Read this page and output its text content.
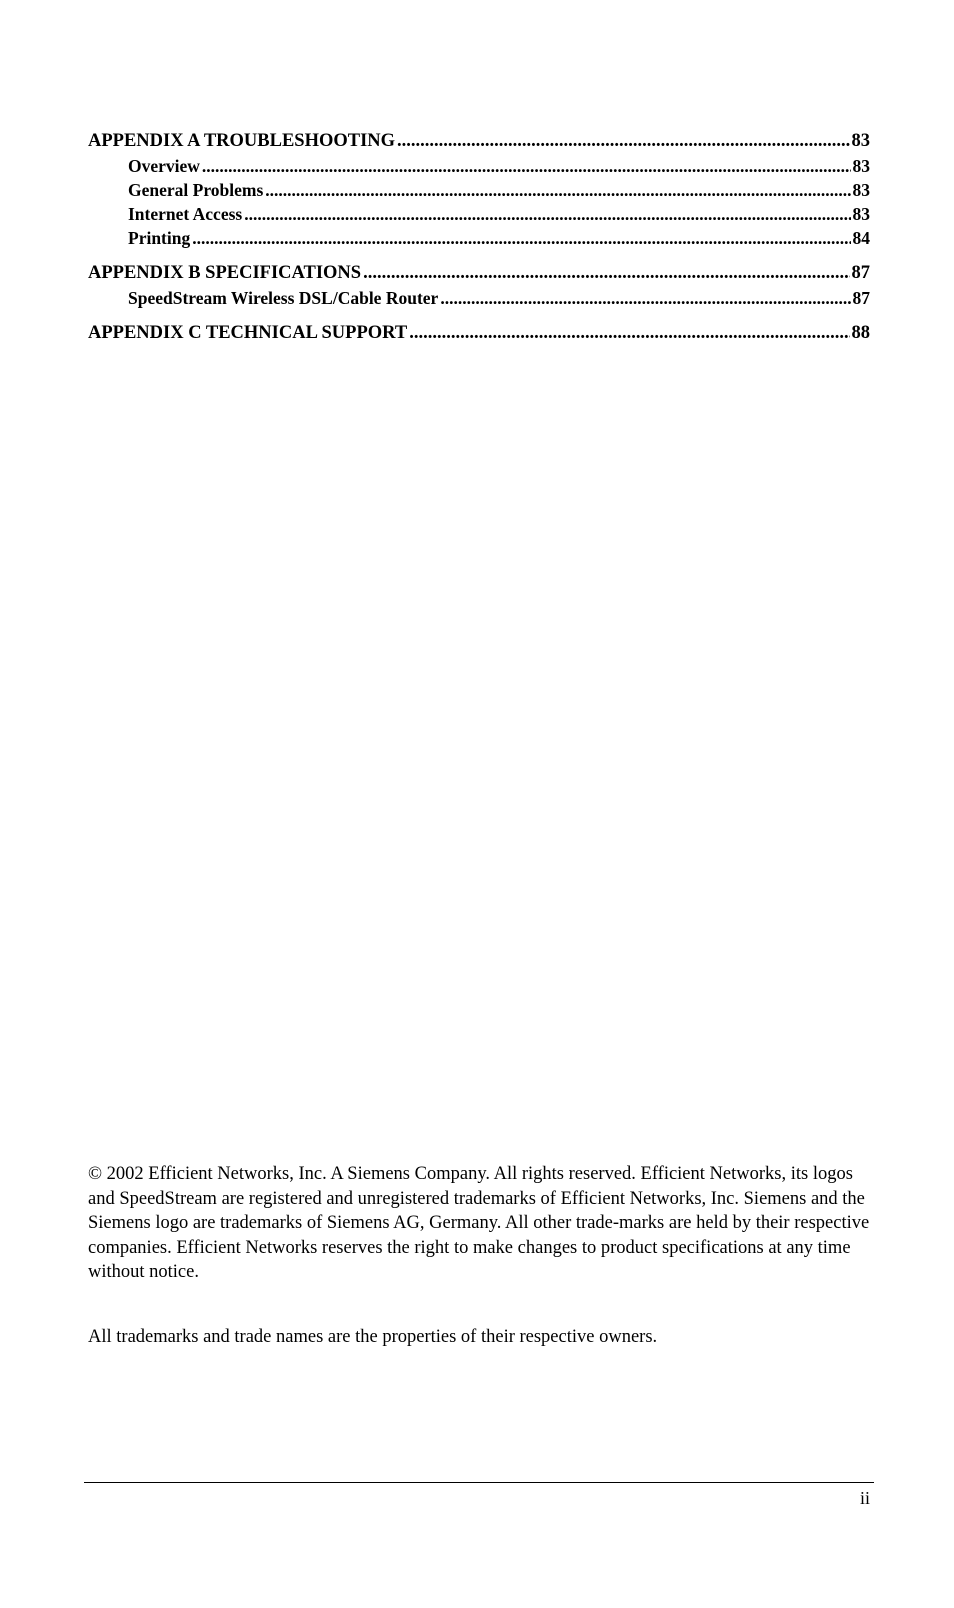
APPENDIX A TROUBLESHOOTING .....	83
Overview .....	83
General Problems .....	83
Internet Access .....	83
Printing .....	84
APPENDIX B SPECIFICATIONS .....	87
SpeedStream Wireless DSL/Cable Router .....	87
APPENDIX C TECHNICAL SUPPORT .....	88

© 2002 Efficient Networks, Inc. A Siemens Company. All rights reserved. Efficient Networks, its logos and SpeedStream are registered and unregistered trademarks of Efficient Networks, Inc. Siemens and the Siemens logo are trademarks of Siemens AG, Germany. All other trade-marks are held by their respective companies. Efficient Networks reserves the right to make changes to product specifications at any time without notice.

All trademarks and trade names are the properties of their respective owners.

ii
